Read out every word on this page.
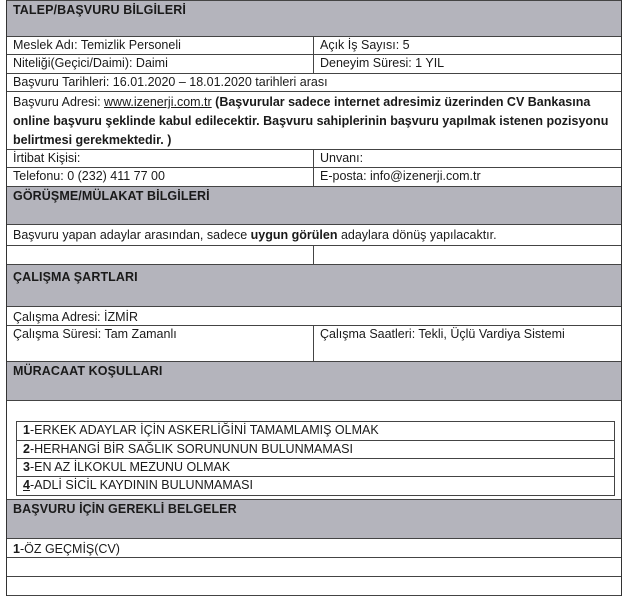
TALEP/BAŞVURU BİLGİLERİ
Meslek Adı: Temizlik Personeli	Açık İş Sayısı: 5
Niteliği(Geçici/Daimi): Daimi	Deneyim Süresi: 1 YIL
Başvuru Tarihleri: 16.01.2020 – 18.01.2020 tarihleri arası
Başvuru Adresi: www.izenerji.com.tr (Başvurular sadece internet adresimiz üzerinden CV Bankasına online başvuru şeklinde kabul edilecektir. Başvuru sahiplerinin başvuru yapılmak istenen pozisyonu belirtmesi gerekmektedir. )
İrtibat Kişisi:	Unvanı:
Telefonu: 0 (232) 411 77 00	E-posta: info@izenerji.com.tr
GÖRÜŞME/MÜLAKAT BİLGİLERİ
Başvuru yapan adaylar arasından, sadece uygun görülen adaylara dönüş yapılacaktır.
ÇALIŞMA ŞARTLARI
Çalışma Adresi: İZMİR
Çalışma Süresi: Tam Zamanlı	Çalışma Saatleri: Tekli, Üçlü Vardiya Sistemi
MÜRACAAT KOŞULLARI
1-ERKEK ADAYLAR İÇİN ASKERLİĞİNİ TAMAMLAMIŞ OLMAK
2-HERHANGİ BİR SAĞLIK SORUNUNUN BULUNMAMASI
3-EN AZ İLKOKUL MEZUNU OLMAK
4-ADLİ SİCİL KAYDININ BULUNMAMASI
BAŞVURU İÇİN GEREKLİ BELGELER
1-ÖZ GEÇMİŞ(CV)
